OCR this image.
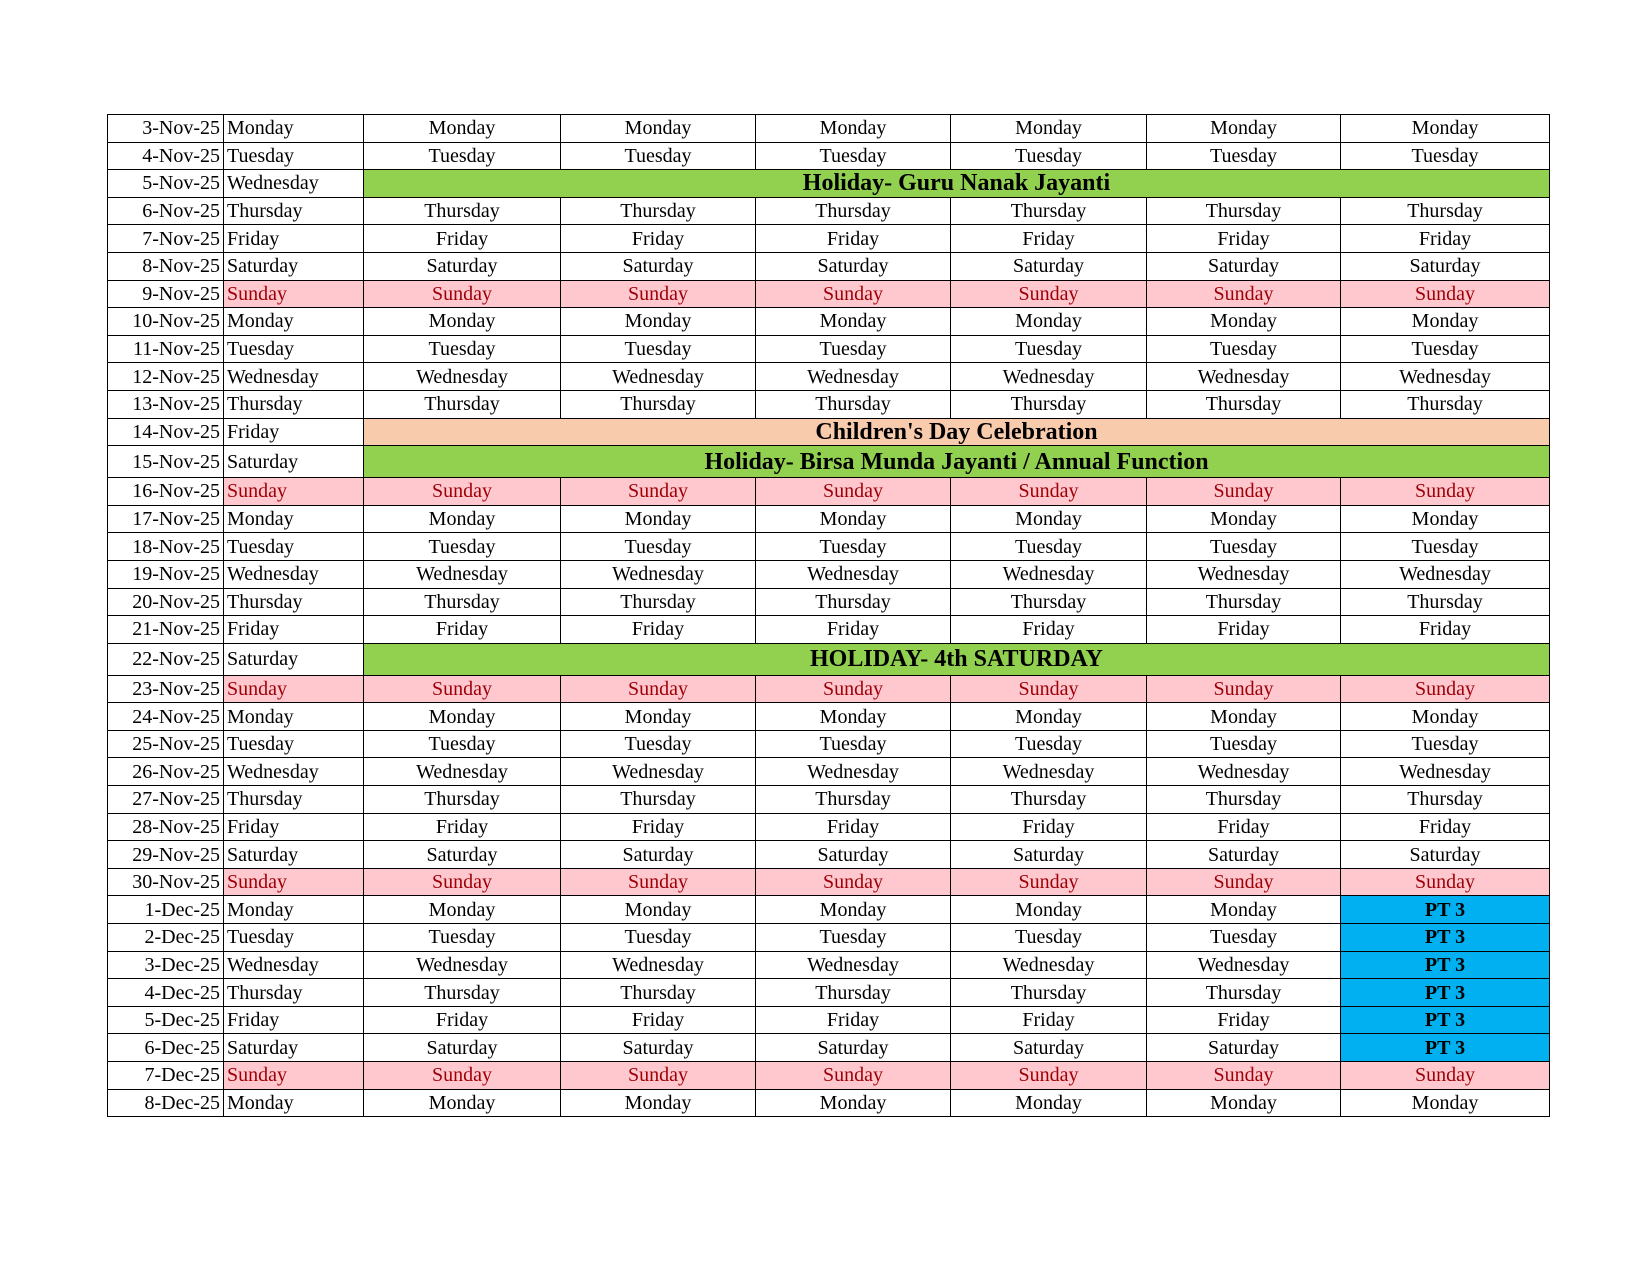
3-Nov-25	Monday	Monday	Monday	Monday	Monday	Monday	Monday
4-Nov-25	Tuesday	Tuesday	Tuesday	Tuesday	Tuesday	Tuesday	Tuesday
5-Nov-25	Wednesday	Holiday- Guru Nanak Jayanti					
6-Nov-25	Thursday	Thursday	Thursday	Thursday	Thursday	Thursday	Thursday
7-Nov-25	Friday	Friday	Friday	Friday	Friday	Friday	Friday
8-Nov-25	Saturday	Saturday	Saturday	Saturday	Saturday	Saturday	Saturday
9-Nov-25	Sunday	Sunday	Sunday	Sunday	Sunday	Sunday	Sunday
10-Nov-25	Monday	Monday	Monday	Monday	Monday	Monday	Monday
11-Nov-25	Tuesday	Tuesday	Tuesday	Tuesday	Tuesday	Tuesday	Tuesday
12-Nov-25	Wednesday	Wednesday	Wednesday	Wednesday	Wednesday	Wednesday	Wednesday
13-Nov-25	Thursday	Thursday	Thursday	Thursday	Thursday	Thursday	Thursday
14-Nov-25	Friday	Children's Day Celebration					
15-Nov-25	Saturday	Holiday- Birsa Munda Jayanti / Annual Function					
16-Nov-25	Sunday	Sunday	Sunday	Sunday	Sunday	Sunday	Sunday
17-Nov-25	Monday	Monday	Monday	Monday	Monday	Monday	Monday
18-Nov-25	Tuesday	Tuesday	Tuesday	Tuesday	Tuesday	Tuesday	Tuesday
19-Nov-25	Wednesday	Wednesday	Wednesday	Wednesday	Wednesday	Wednesday	Wednesday
20-Nov-25	Thursday	Thursday	Thursday	Thursday	Thursday	Thursday	Thursday
21-Nov-25	Friday	Friday	Friday	Friday	Friday	Friday	Friday
22-Nov-25	Saturday	HOLIDAY- 4th SATURDAY					
23-Nov-25	Sunday	Sunday	Sunday	Sunday	Sunday	Sunday	Sunday
24-Nov-25	Monday	Monday	Monday	Monday	Monday	Monday	Monday
25-Nov-25	Tuesday	Tuesday	Tuesday	Tuesday	Tuesday	Tuesday	Tuesday
26-Nov-25	Wednesday	Wednesday	Wednesday	Wednesday	Wednesday	Wednesday	Wednesday
27-Nov-25	Thursday	Thursday	Thursday	Thursday	Thursday	Thursday	Thursday
28-Nov-25	Friday	Friday	Friday	Friday	Friday	Friday	Friday
29-Nov-25	Saturday	Saturday	Saturday	Saturday	Saturday	Saturday	Saturday
30-Nov-25	Sunday	Sunday	Sunday	Sunday	Sunday	Sunday	Sunday
1-Dec-25	Monday	Monday	Monday	Monday	Monday	Monday	PT 3
2-Dec-25	Tuesday	Tuesday	Tuesday	Tuesday	Tuesday	Tuesday	PT 3
3-Dec-25	Wednesday	Wednesday	Wednesday	Wednesday	Wednesday	Wednesday	PT 3
4-Dec-25	Thursday	Thursday	Thursday	Thursday	Thursday	Thursday	PT 3
5-Dec-25	Friday	Friday	Friday	Friday	Friday	Friday	PT 3
6-Dec-25	Saturday	Saturday	Saturday	Saturday	Saturday	Saturday	PT 3
7-Dec-25	Sunday	Sunday	Sunday	Sunday	Sunday	Sunday	Sunday
8-Dec-25	Monday	Monday	Monday	Monday	Monday	Monday	Monday
